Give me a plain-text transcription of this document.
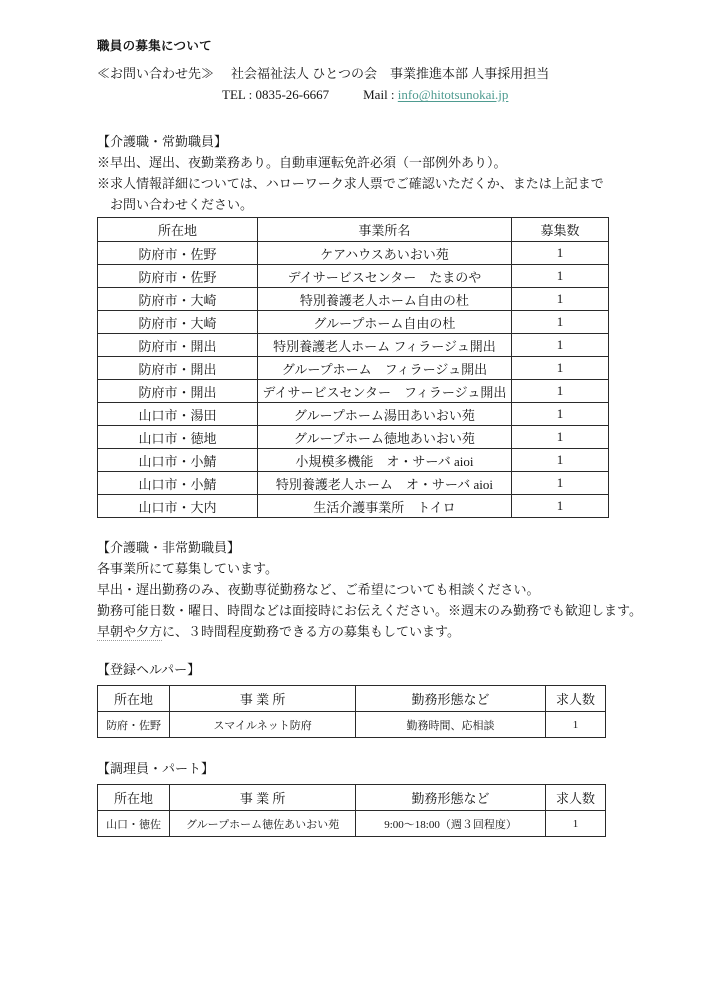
職員の募集について
≪お問い合わせ先≫ 社会福祉法人 ひとつの会　事業推進本部 人事採用担当
TEL : 0835-26-6667	Mail : info@hitotsunokai.jp

【介護職・常勤職員】

※早出、遅出、夜勤業務あり。自動車運転免許必須（一部例外あり）。
※求人情報詳細については、ハローワーク求人票でご確認いただくか、または上記までお問い合わせください。
所在地	事業所名	募集数
防府市・佐野	ケアハウスあいおい苑	1
防府市・佐野	デイサービスセンター　たまのや	1
防府市・大崎	特別養護老人ホーム自由の杜	1
防府市・大崎	グループホーム自由の杜	1
防府市・開出	特別養護老人ホーム フィラージュ開出	1
防府市・開出	グループホーム　フィラージュ開出	1
防府市・開出	デイサービスセンター　フィラージュ開出	1
山口市・湯田	グループホーム湯田あいおい苑	1
山口市・徳地	グループホーム徳地あいおい苑	1
山口市・小鯖	小規模多機能　オ・サーバ aioi	1
山口市・小鯖	特別養護老人ホーム　オ・サーバ aioi	1
山口市・大内	生活介護事業所　トイロ	1

【介護職・非常勤職員】

各事業所にて募集しています。
早出・遅出勤務のみ、夜勤専従勤務など、ご希望についても相談ください。
勤務可能日数・曜日、時間などは面接時にお伝えください。※週末のみ勤務でも歓迎します。
早朝や夕方に、３時間程度勤務できる方の募集もしています。

【登録ヘルパー】

所在地	事 業 所	勤務形態など	求人数
防府・佐野	スマイルネット防府	勤務時間、応相談	1

【調理員・パート】

所在地	事 業 所	勤務形態など	求人数
山口・徳佐	グループホーム徳佐あいおい苑	9:00～18:00（週３回程度）	1
